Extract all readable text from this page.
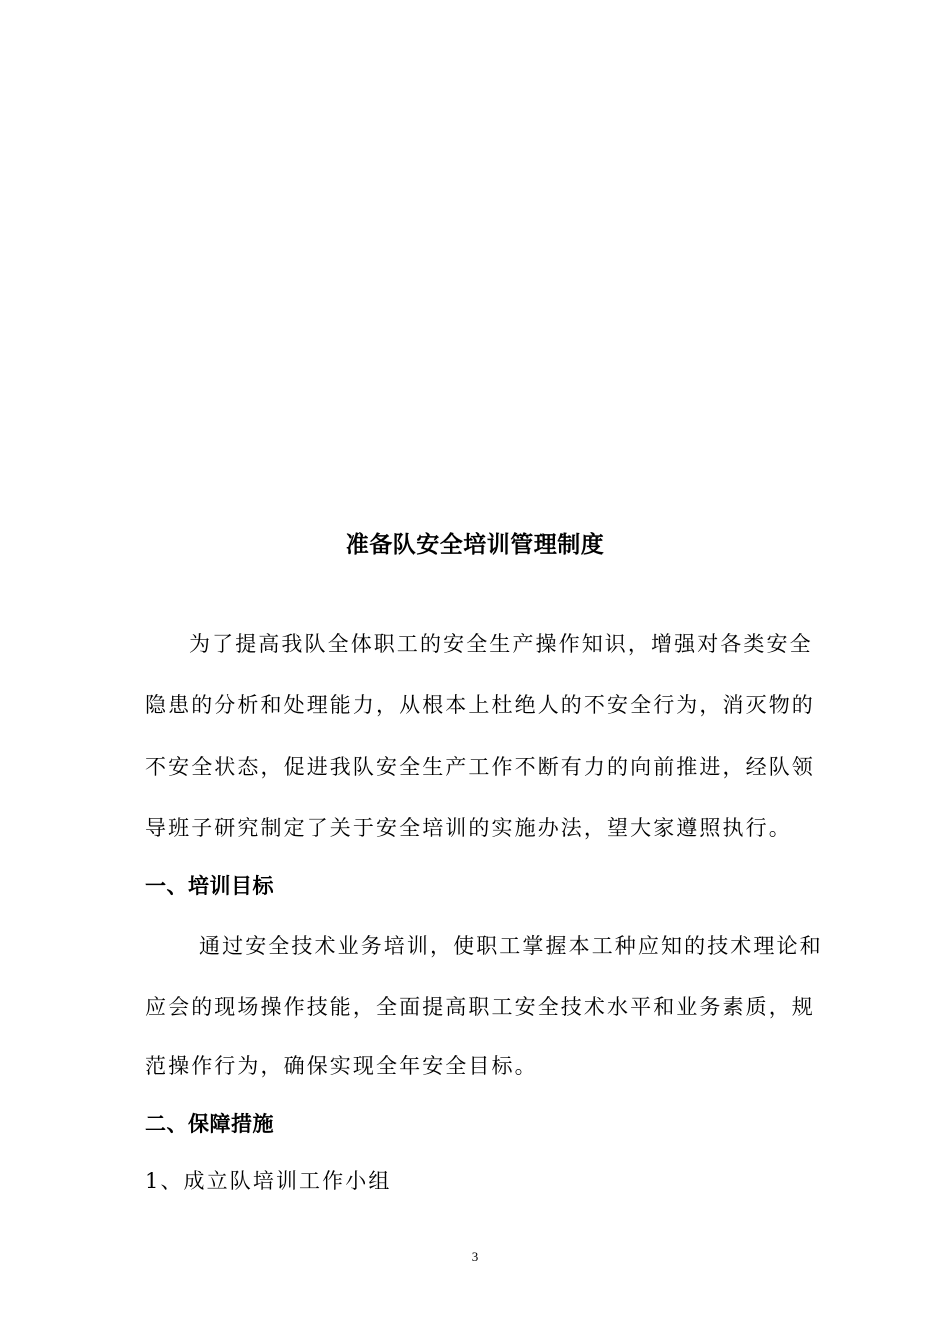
准备队安全培训管理制度
为了提高我队全体职工的安全生产操作知识，增强对各类安全
隐患的分析和处理能力，从根本上杜绝人的不安全行为，消灭物的
不安全状态，促进我队安全生产工作不断有力的向前推进，经队领
导班子研究制定了关于安全培训的实施办法，望大家遵照执行。
一、培训目标
通过安全技术业务培训，使职工掌握本工种应知的技术理论和
应会的现场操作技能，全面提高职工安全技术水平和业务素质，规
范操作行为，确保实现全年安全目标。
二、保障措施
1、成立队培训工作小组
3
